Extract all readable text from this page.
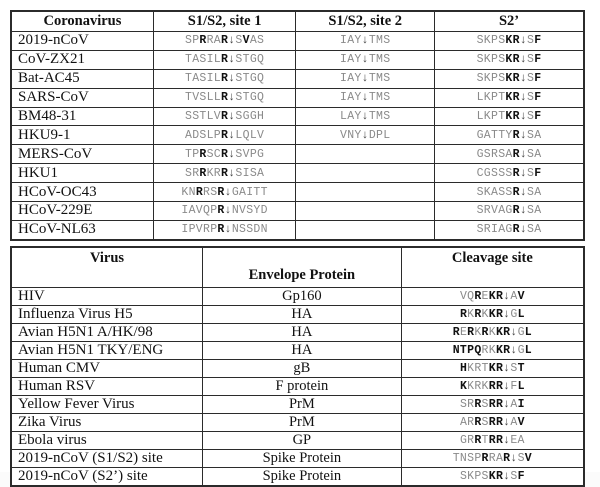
Coronavirus	S1/S2, site 1	S1/S2, site 2	S2’
2019-nCoV	SPRRAR↓SVAS	IAY↓TMS	SKPSKR↓SF
CoV-ZX21	TASILR↓STGQ	IAY↓TMS	SKPSKR↓SF
Bat-AC45	TASILR↓STGQ	IAY↓TMS	SKPSKR↓SF
SARS-CoV	TVSLLR↓STGQ	IAY↓TMS	LKPTKR↓SF
BM48-31	SSTLVR↓SGGH	LAY↓TMS	LKPTKR↓SF
HKU9-1	ADSLPR↓LQLV	VNY↓DPL	GATTYR↓SA
MERS-CoV	TPRSCR↓SVPG		GSRSAR↓SA
HKU1	SRRKRR↓SISA		CGSSSR↓SF
HCoV-OC43	KNRRSR↓GAITT		SKASSR↓SA
HCoV-229E	IAVQPR↓NVSYD		SRVAGR↓SA
HCoV-NL63	IPVRPR↓NSSDN		SRIAGR↓SA
Virus	Envelope Protein	Cleavage site
HIV	Gp160	VQREKR↓AV
Influenza Virus H5	HA	RKRKKR↓GL
Avian H5N1 A/HK/98	HA	RERKRKKR↓GL
Avian H5N1 TKY/ENG	HA	NTPQRKKR↓GL
Human CMV	gB	HKRTKR↓ST
Human RSV	F protein	KKRKRR↓FL
Yellow Fever Virus	PrM	SRRSRR↓AI
Zika Virus	PrM	ARRSRR↓AV
Ebola virus	GP	GRRTRR↓EA
2019-nCoV (S1/S2) site	Spike Protein	TNSPRRAR↓SV
2019-nCoV (S2’) site	Spike Protein	SKPSKR↓SF
